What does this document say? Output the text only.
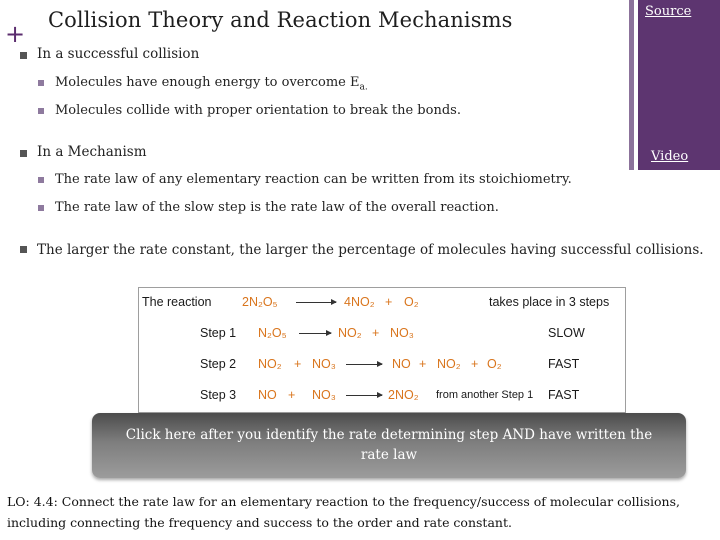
+ Collision Theory and Reaction Mechanisms	Source
Video
In a successful collision
Molecules have enough energy to overcome $E_{a.}$
Molecules collide with proper orientation to break the bonds.
In a Mechanism
The rate law of any elementary reaction can be written from its stoichiometry.
The rate law of the slow step is the rate law of the overall reaction.
The larger the rate constant, the larger the percentage of molecules having successful collisions.
The reaction 2N₂O₅ → 4NO₂ + O₂	takes place in 3 steps
Step 1 N₂O₅	NO₂ + NO₃	SLOW
Step 2 NO₂ + NO₃	NO + NO₂ + O₂	FAST
Step 3 NO + NO₃	2NO₂ from another Step 1 FAST
Click here after you identify the rate determining step AND have written the rate law
LO: 4.4: Connect the rate law for an elementary reaction to the frequency/success of molecular collisions, including connecting the frequency and success to the order and rate constant.
